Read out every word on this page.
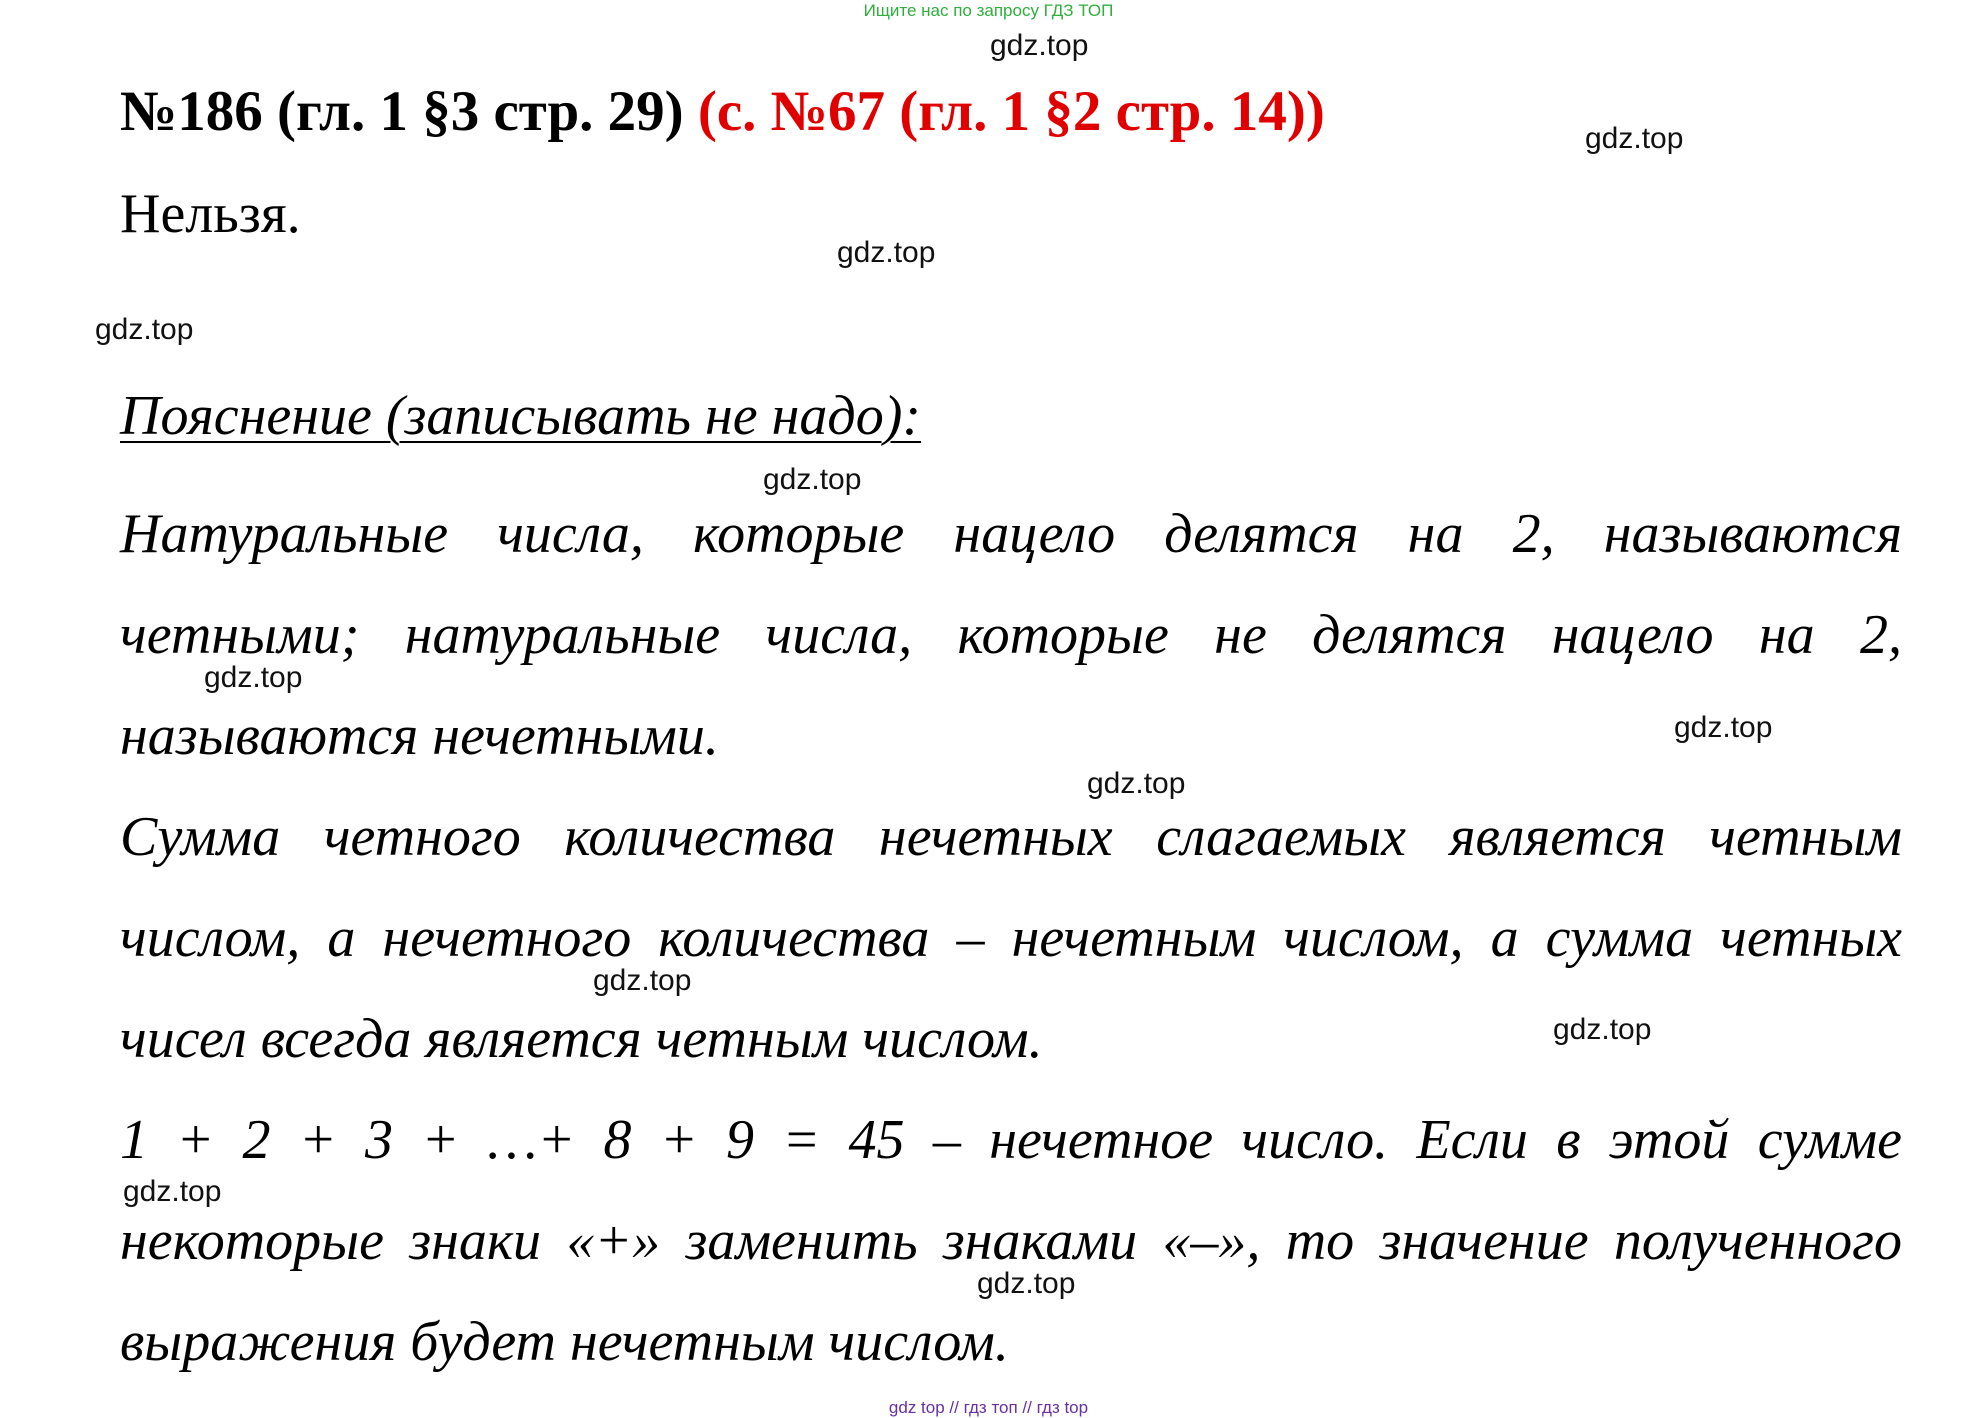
Ищите нас по запросу ГДЗ ТОП
№186 (гл. 1 §3 стр. 29) (с. №67 (гл. 1 §2 стр. 14))
Нельзя.
Пояснение (записывать не надо):

Натуральные числа, которые нацело делятся на 2, называются четными; натуральные числа, которые не делятся нацело на 2, называются нечетными.

Сумма четного количества нечетных слагаемых является четным числом, а нечетного количества – нечетным числом, а сумма четных чисел всегда является четным числом.

1 + 2 + 3 + …+ 8 + 9 = 45 – нечетное число. Если в этой сумме некоторые знаки «+» заменить знаками «–», то значение полученного выражения будет нечетным числом.

gdz.top
gdz.top
gdz.top
gdz.top
gdz.top
gdz.top
gdz.top
gdz.top
gdz.top
gdz.top
gdz.top
gdz.top
gdz top // гдз топ // гдз top
